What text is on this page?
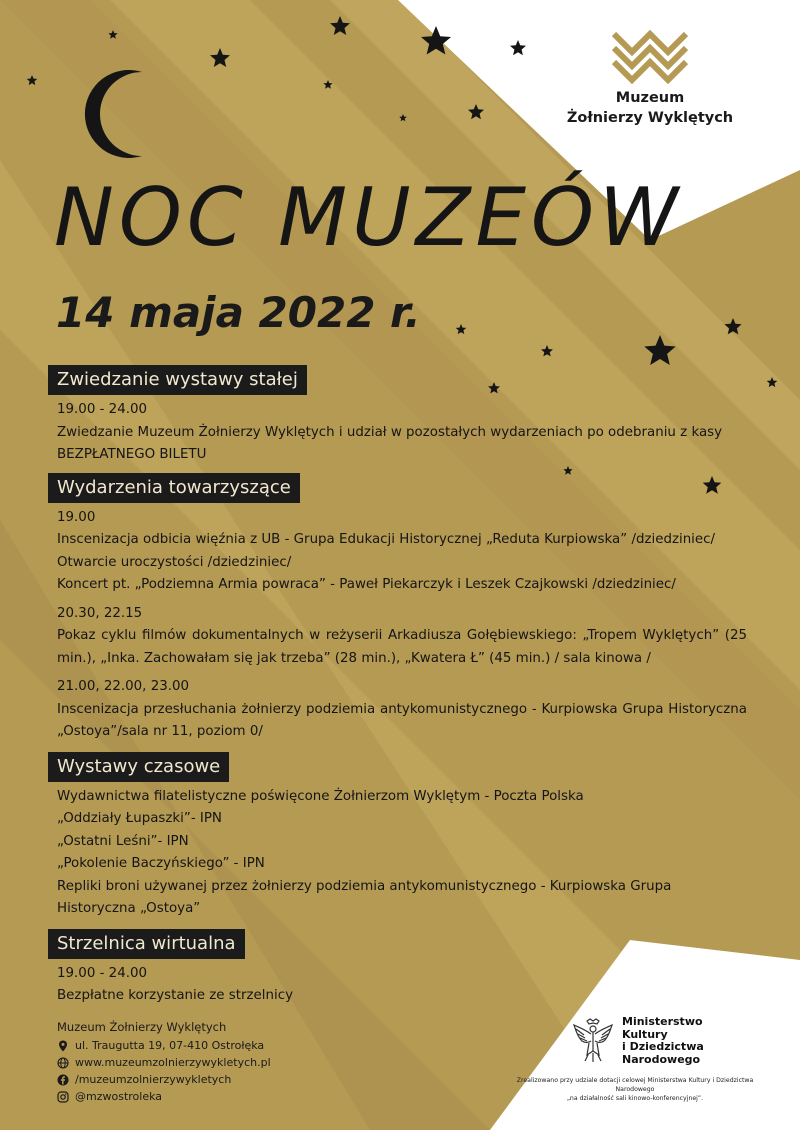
Muzeum
Żołnierzy Wyklętych
NOC MUZEÓW
14 maja 2022 r.
Zwiedzanie wystawy stałej

19.00 - 24.00

Zwiedzanie Muzeum Żołnierzy Wyklętych i udział w pozostałych wydarzeniach po odebraniu z kasy

BEZPŁATNEGO BILETU

Wydarzenia towarzyszące

19.00

Inscenizacja odbicia więźnia z UB - Grupa Edukacji Historycznej „Reduta Kurpiowska” /dziedziniec/

Otwarcie uroczystości /dziedziniec/

Koncert pt. „Podziemna Armia powraca” - Paweł Piekarczyk i Leszek Czajkowski /dziedziniec/

20.30, 22.15

Pokaz cyklu filmów dokumentalnych w reżyserii Arkadiusza Gołębiewskiego: „Tropem Wyklętych” (25 min.), „Inka. Zachowałam się jak trzeba” (28 min.), „Kwatera Ł” (45 min.) / sala kinowa /

21.00, 22.00, 23.00

Inscenizacja przesłuchania żołnierzy podziemia antykomunistycznego - Kurpiowska Grupa Historyczna „Ostoya”/sala nr 11, poziom 0/

Wystawy czasowe

Wydawnictwa filatelistyczne poświęcone Żołnierzom Wyklętym - Poczta Polska

„Oddziały Łupaszki”- IPN

„Ostatni Leśni”- IPN

„Pokolenie Baczyńskiego” - IPN

Repliki broni używanej przez żołnierzy podziemia antykomunistycznego - Kurpiowska Grupa Historyczna „Ostoya”

Strzelnica wirtualna

19.00 - 24.00

Bezpłatne korzystanie ze strzelnicy

Muzeum Żołnierzy Wyklętych
ul. Traugutta 19, 07-410 Ostrołęka
www.muzeumzolnierzywykletych.pl
/muzeumzolnierzywykletych
@mzwostroleka
Ministerstwo
Kultury
i Dziedzictwa
Narodowego
Zrealizowano przy udziale dotacji celowej Ministerstwa Kultury i Dziedzictwa Narodowego
„na działalność sali kinowo-konferencyjnej”.
